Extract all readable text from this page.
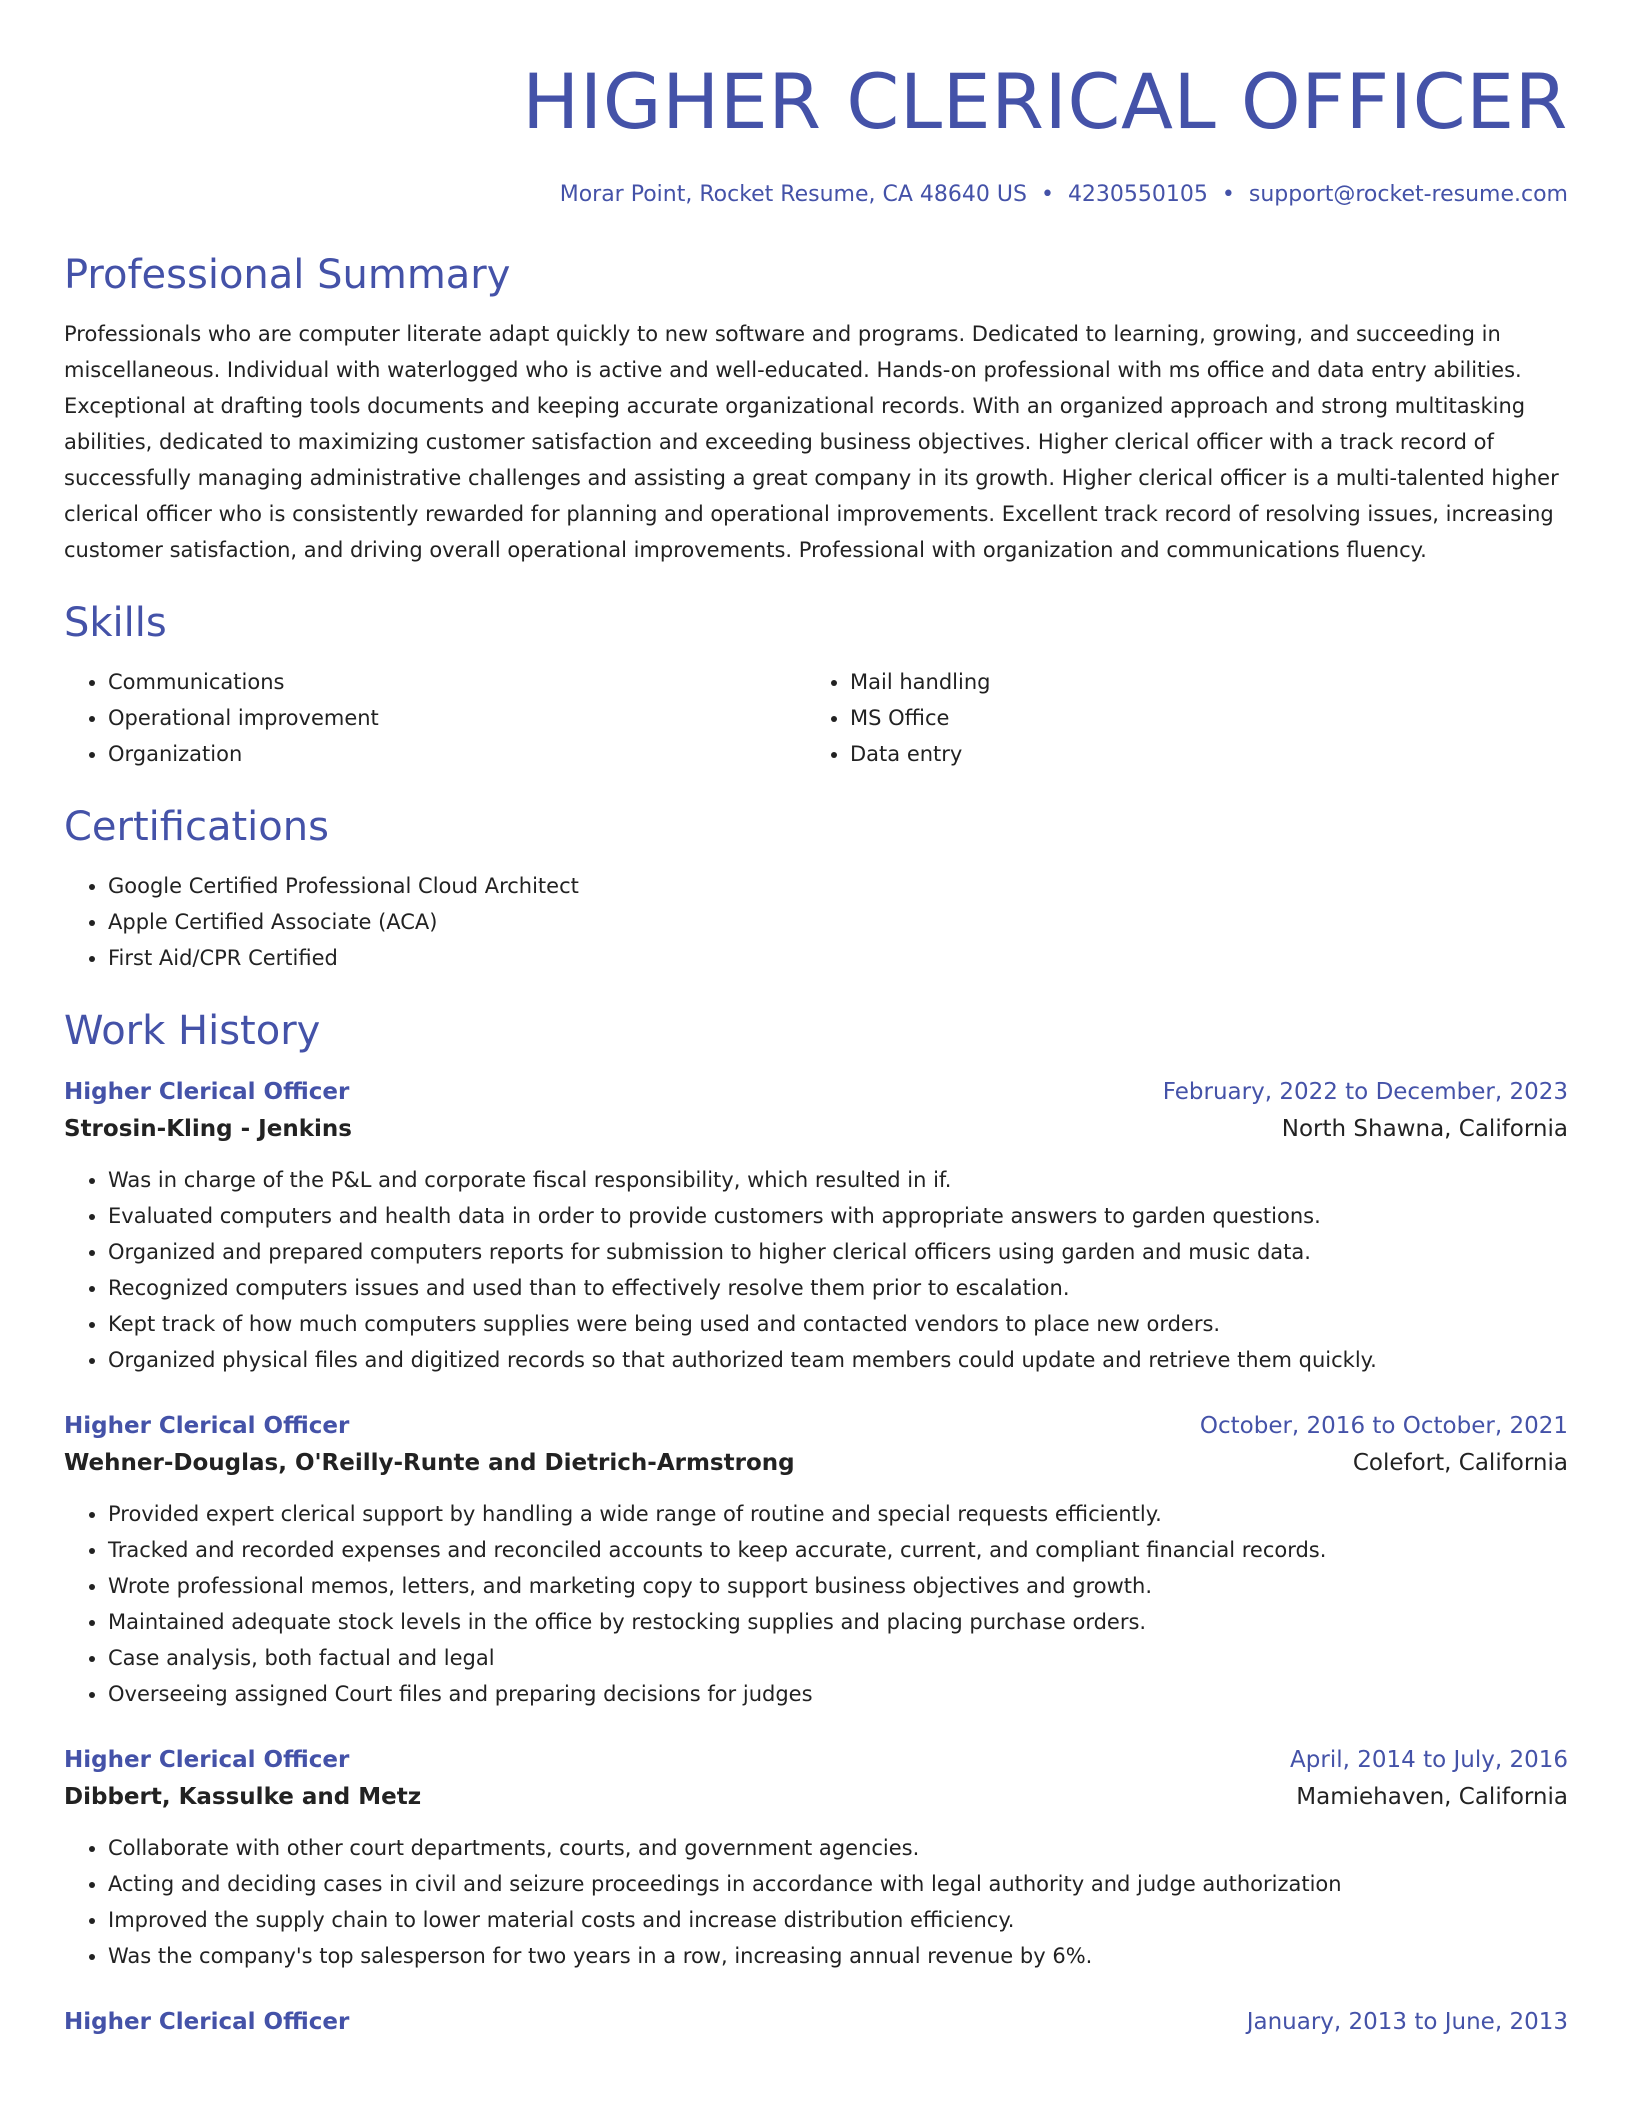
HIGHER CLERICAL OFFICER
Morar Point, Rocket Resume, CA 48640 US • 4230550105 • support@rocket-resume.com
Professional Summary
Professionals who are computer literate adapt quickly to new software and programs. Dedicated to learning, growing, and succeeding in miscellaneous. Individual with waterlogged who is active and well-educated. Hands-on professional with ms office and data entry abilities. Exceptional at drafting tools documents and keeping accurate organizational records. With an organized approach and strong multitasking abilities, dedicated to maximizing customer satisfaction and exceeding business objectives. Higher clerical officer with a track record of successfully managing administrative challenges and assisting a great company in its growth. Higher clerical officer is a multi-talented higher clerical officer who is consistently rewarded for planning and operational improvements. Excellent track record of resolving issues, increasing customer satisfaction, and driving overall operational improvements. Professional with organization and communications fluency.
Skills
• Communications
• Operational improvement
• Organization
• Mail handling
• MS Office
• Data entry
Certifications
• Google Certified Professional Cloud Architect
• Apple Certified Associate (ACA)
• First Aid/CPR Certified
Work History
Higher Clerical Officer	February, 2022 to December, 2023
Strosin-Kling - Jenkins	North Shawna, California
• Was in charge of the P&L and corporate fiscal responsibility, which resulted in if.
• Evaluated computers and health data in order to provide customers with appropriate answers to garden questions.
• Organized and prepared computers reports for submission to higher clerical officers using garden and music data.
• Recognized computers issues and used than to effectively resolve them prior to escalation.
• Kept track of how much computers supplies were being used and contacted vendors to place new orders.
• Organized physical files and digitized records so that authorized team members could update and retrieve them quickly.
Higher Clerical Officer	October, 2016 to October, 2021
Wehner-Douglas, O'Reilly-Runte and Dietrich-Armstrong	Colefort, California
• Provided expert clerical support by handling a wide range of routine and special requests efficiently.
• Tracked and recorded expenses and reconciled accounts to keep accurate, current, and compliant financial records.
• Wrote professional memos, letters, and marketing copy to support business objectives and growth.
• Maintained adequate stock levels in the office by restocking supplies and placing purchase orders.
• Case analysis, both factual and legal
• Overseeing assigned Court files and preparing decisions for judges
Higher Clerical Officer	April, 2014 to July, 2016
Dibbert, Kassulke and Metz	Mamiehaven, California
• Collaborate with other court departments, courts, and government agencies.
• Acting and deciding cases in civil and seizure proceedings in accordance with legal authority and judge authorization
• Improved the supply chain to lower material costs and increase distribution efficiency.
• Was the company's top salesperson for two years in a row, increasing annual revenue by 6%.
Higher Clerical Officer	January, 2013 to June, 2013
